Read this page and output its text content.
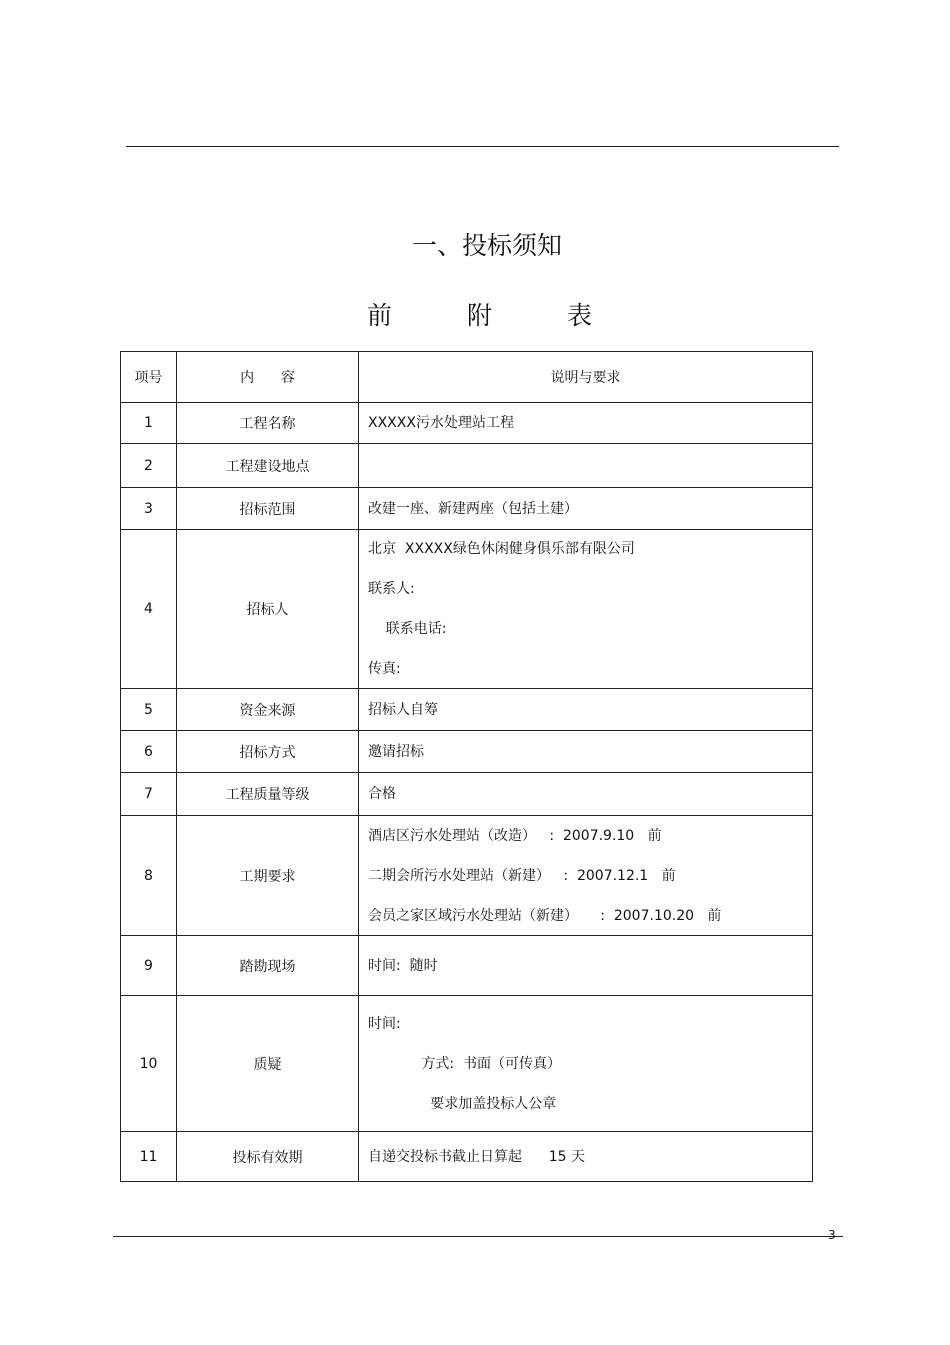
一、投标须知
前	附	表
项号	内      容	说明与要求
1	工程名称	XXXXX污水处理站工程

2	工程建设地点	

3	招标范围	改建一座、新建两座（包括土建）

4	招标人	北京  XXXXX绿色休闲健身俱乐部有限公司
联系人:
联系电话:
传真:

5	资金来源	招标人自筹

6	招标方式	邀请招标

7	工程质量等级	合格

8	工期要求	酒店区污水处理站（改造）   :  2007.9.10   前
二期会所污水处理站（新建）   :  2007.12.1   前
会员之家区域污水处理站（新建）     :  2007.10.20   前

9	踏勘现场	时间:  随时

10	质疑	时间:
方式:  书面（可传真）
要求加盖投标人公章

11	投标有效期	自递交投标书截止日算起      15 天
3
